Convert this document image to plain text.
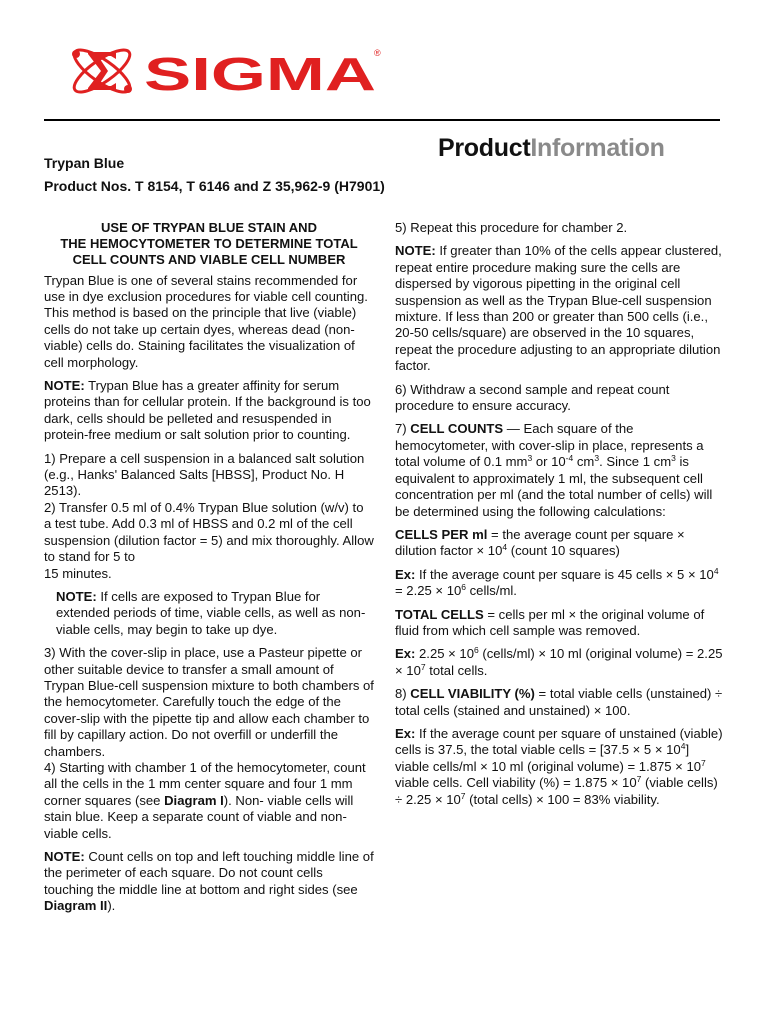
SIGMA
®
ProductInformation
Trypan Blue
Product Nos. T 8154, T 6146 and Z 35,962-9 (H7901)
USE OF TRYPAN BLUE STAIN AND
THE HEMOCYTOMETER TO DETERMINE TOTAL
CELL COUNTS AND VIABLE CELL NUMBER

Trypan Blue is one of several stains recommended for use in dye exclusion procedures for viable cell counting. This method is based on the principle that live (viable) cells do not take up certain dyes, whereas dead (non-viable) cells do. Staining facilitates the visualization of cell morphology.

NOTE: Trypan Blue has a greater affinity for serum proteins than for cellular protein. If the background is too dark, cells should be pelleted and resuspended in protein-free medium or salt solution prior to counting.

1) Prepare a cell suspension in a balanced salt solution (e.g., Hanks' Balanced Salts [HBSS], Product No. H 2513).

2) Transfer 0.5 ml of 0.4% Trypan Blue solution (w/v) to a test tube. Add 0.3 ml of HBSS and 0.2 ml of the cell suspension (dilution factor = 5) and mix thoroughly. Allow to stand for 5 to

15 minutes.

NOTE: If cells are exposed to Trypan Blue for extended periods of time, viable cells, as well as non-viable cells, may begin to take up dye.

3) With the cover-slip in place, use a Pasteur pipette or other suitable device to transfer a small amount of Trypan Blue-cell suspension mixture to both chambers of the hemocytometer. Carefully touch the edge of the cover-slip with the pipette tip and allow each chamber to fill by capillary action. Do not overfill or underfill the chambers.

4) Starting with chamber 1 of the hemocytometer, count all the cells in the 1 mm center square and four 1 mm corner squares (see Diagram I). Non- viable cells will stain blue. Keep a separate count of viable and non-viable cells.

NOTE: Count cells on top and left touching middle line of the perimeter of each square. Do not count cells touching the middle line at bottom and right sides (see Diagram II).

5) Repeat this procedure for chamber 2.

NOTE: If greater than 10% of the cells appear clustered, repeat entire procedure making sure the cells are dispersed by vigorous pipetting in the original cell suspension as well as the Trypan Blue-cell suspension mixture. If less than 200 or greater than 500 cells (i.e., 20-50 cells/square) are observed in the 10 squares, repeat the procedure adjusting to an appropriate dilution factor.

6) Withdraw a second sample and repeat count procedure to ensure accuracy.

7) CELL COUNTS — Each square of the hemocytometer, with cover-slip in place, represents a total volume of 0.1 $mm^3$ or $10^{-4}$ $cm^3$. Since 1 $cm^3$ is equivalent to approximately 1 ml, the subsequent cell concentration per ml (and the total number of cells) will be determined using the following calculations:

CELLS PER ml = the average count per square × dilution factor × $10^4$ (count 10 squares)

Ex: If the average count per square is 45 cells × $5 \times 10^4 = 2.25 \times 10^6$ cells/ml.

TOTAL CELLS = cells per ml × the original volume of fluid from which cell sample was removed.

Ex: $2.25 \times 10^6$ (cells/ml) × 10 ml (original volume) = $2.25 \times 10^7$ total cells.

8) CELL VIABILITY (%) = total viable cells (unstained) ÷ total cells (stained and unstained) × 100.

Ex: If the average count per square of unstained (viable) cells is 37.5, the total viable cells = $[37.5 \times 5 \times 10^4]$ viable cells/ml × 10 ml (original volume) = $1.875 \times 10^7$ viable cells. Cell viability (%) = $1.875 \times 10^7$ (viable cells) ÷ $2.25 \times 10^7$ (total cells) × 100 = 83% viability.
